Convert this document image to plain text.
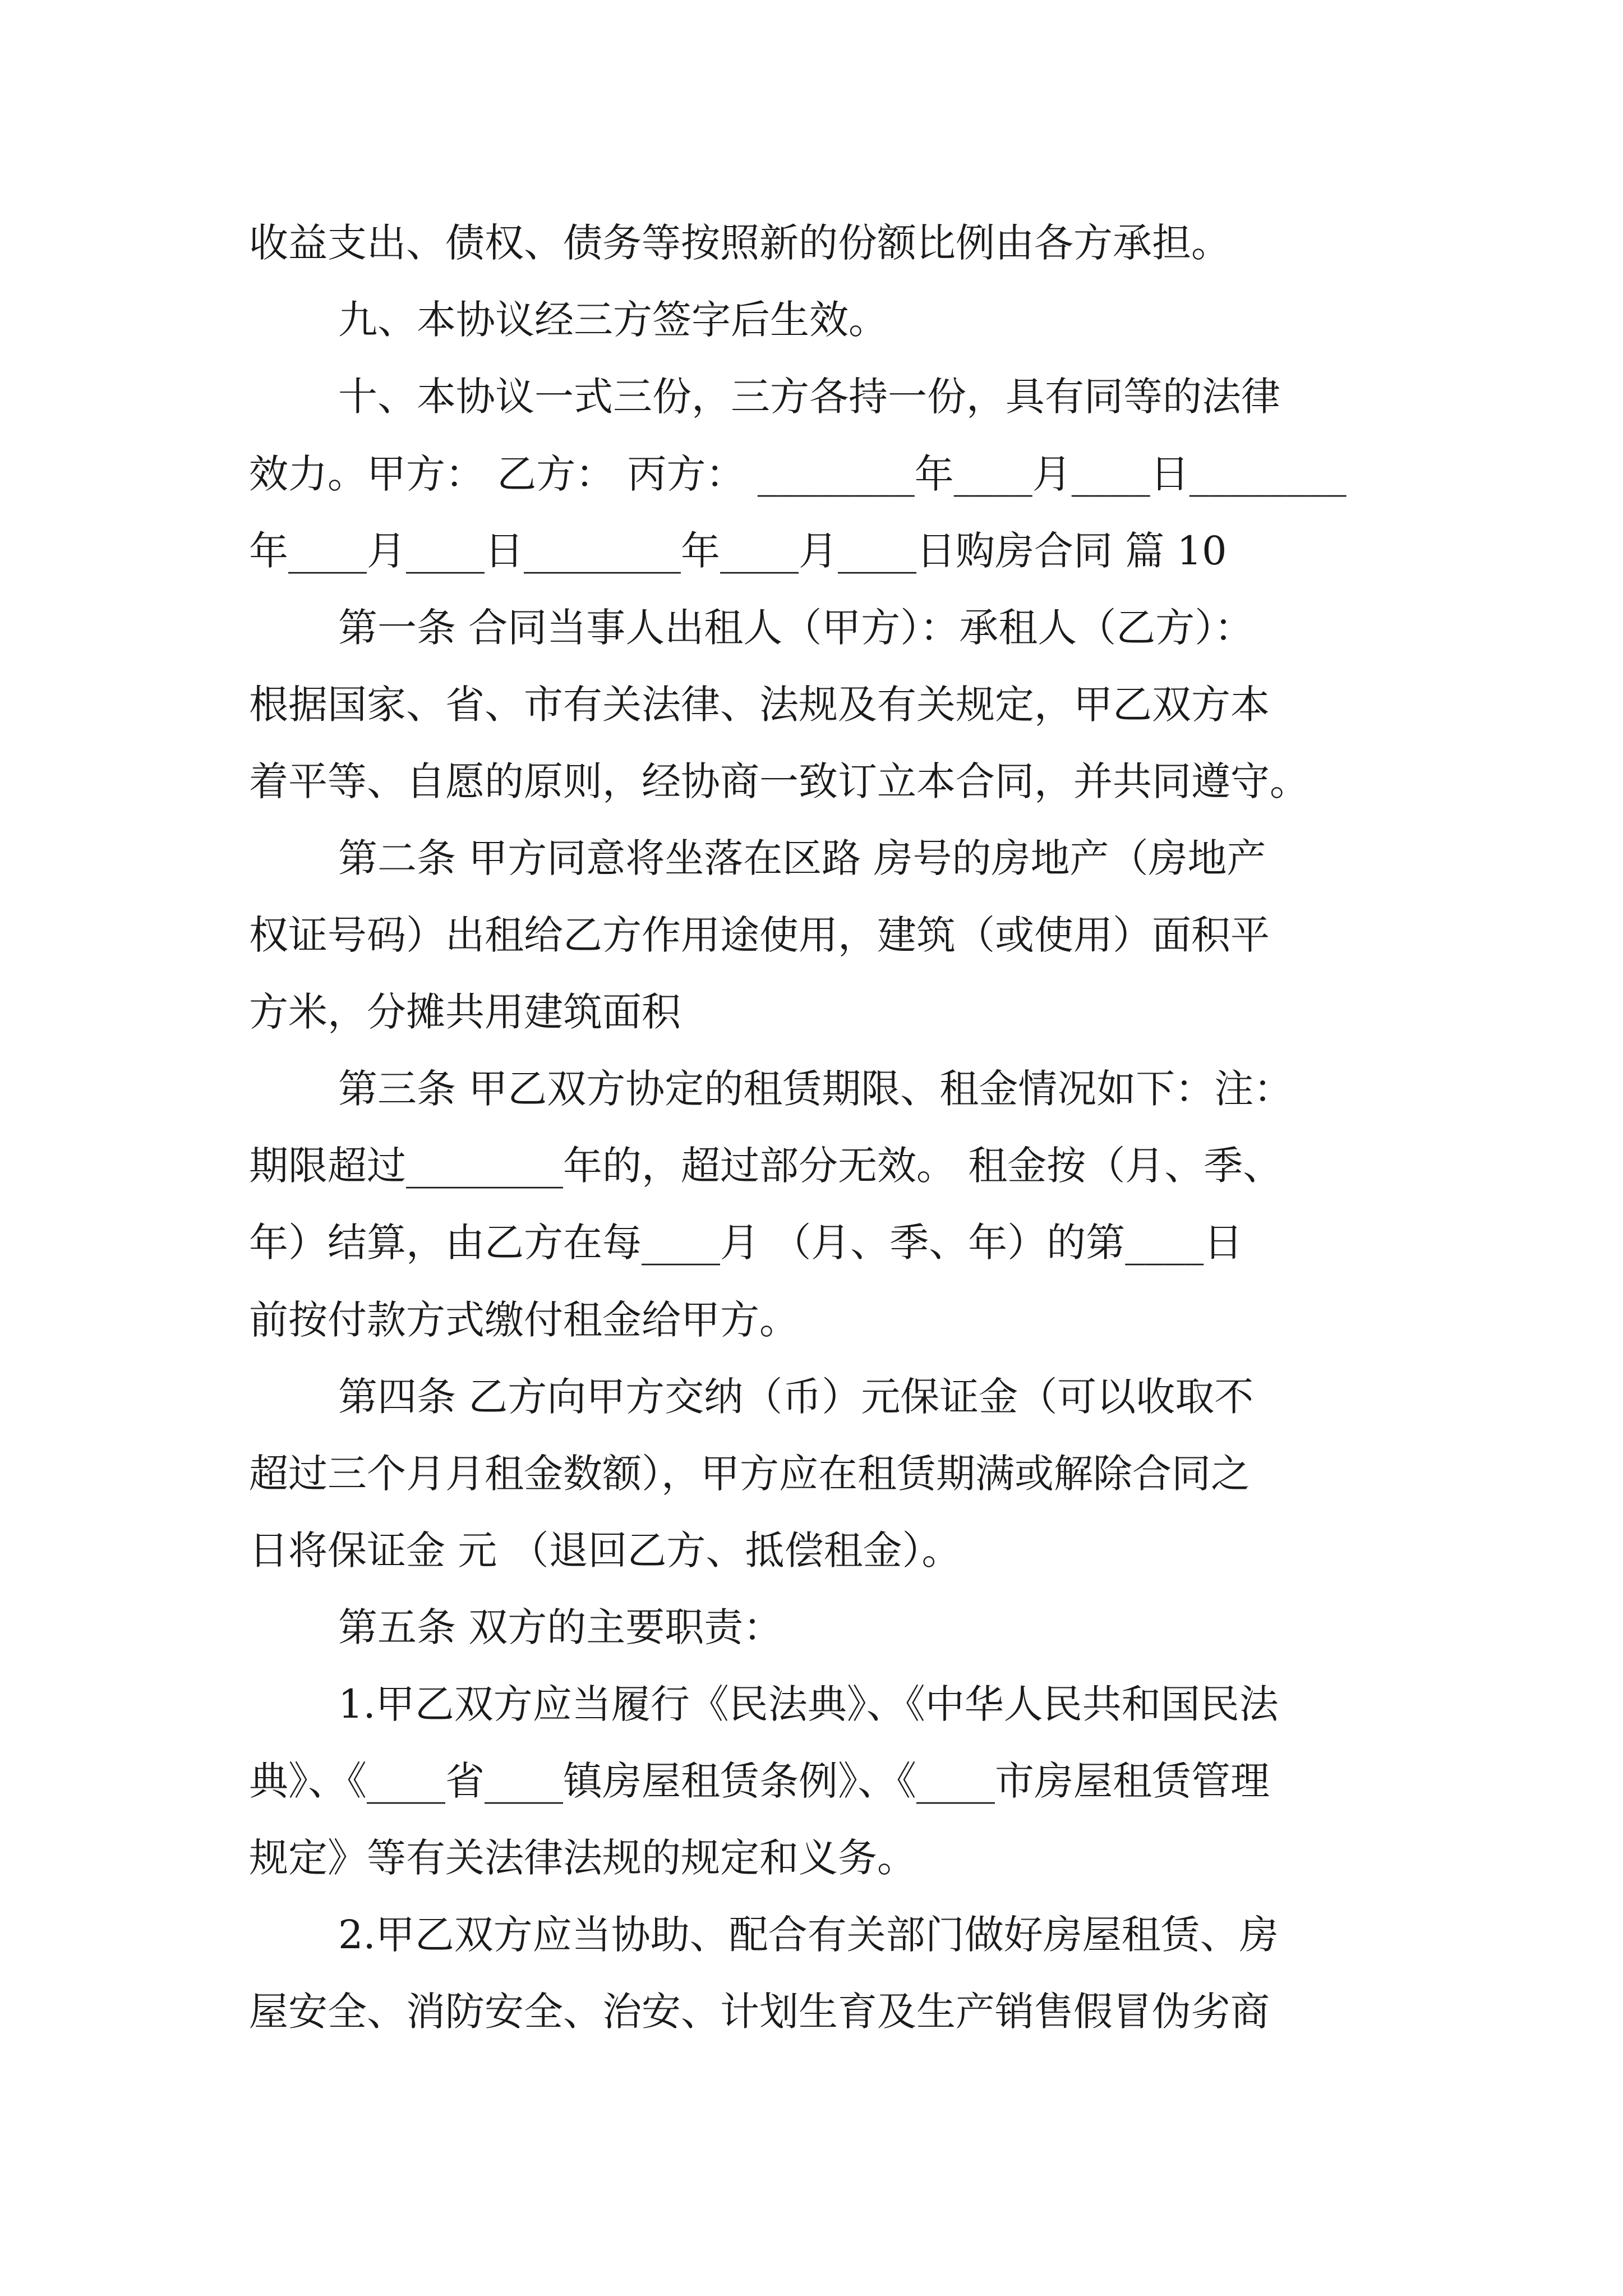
收益支出、债权、债务等按照新的份额比例由各方承担。
九、本协议经三方签字后生效。
十、本协议一式三份，三方各持一份，具有同等的法律
效力。甲方： 乙方： 丙方： ________年____月____日________
年____月____日________年____月____日购房合同 篇 10
第一条 合同当事人出租人（甲方）：承租人（乙方）：
根据国家、省、市有关法律、法规及有关规定，甲乙双方本
着平等、自愿的原则，经协商一致订立本合同，并共同遵守。
第二条 甲方同意将坐落在区路 房号的房地产（房地产
权证号码）出租给乙方作用途使用，建筑（或使用）面积平
方米，分摊共用建筑面积
第三条 甲乙双方协定的租赁期限、租金情况如下：注：
期限超过________年的，超过部分无效。 租金按（月、季、
年）结算，由乙方在每____月 （月、季、年）的第____日
前按付款方式缴付租金给甲方。
第四条 乙方向甲方交纳（币）元保证金（可以收取不
超过三个月月租金数额），甲方应在租赁期满或解除合同之
日将保证金 元 （退回乙方、抵偿租金）。
第五条 双方的主要职责：
1.甲乙双方应当履行《民法典》、《中华人民共和国民法
典》、《____省____镇房屋租赁条例》、《____市房屋租赁管理
规定》等有关法律法规的规定和义务。
2.甲乙双方应当协助、配合有关部门做好房屋租赁、房
屋安全、消防安全、治安、计划生育及生产销售假冒伪劣商
